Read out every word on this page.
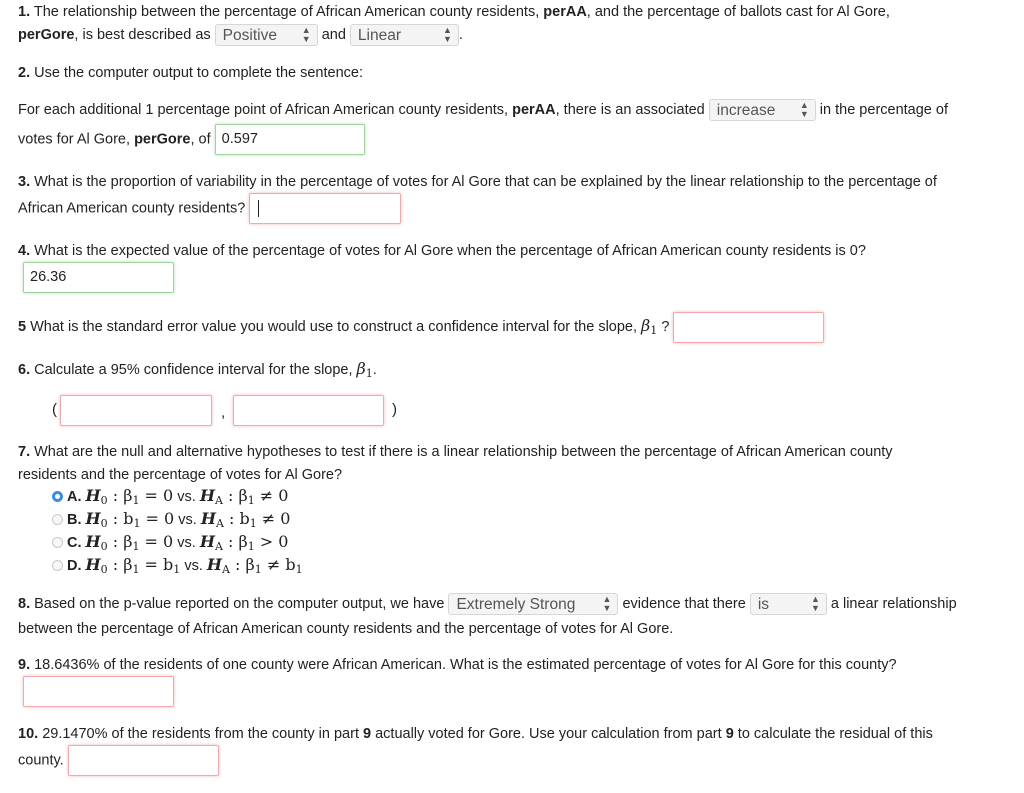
1. The relationship between the percentage of African American county residents, perAA, and the percentage of ballots cast for Al Gore,
perGore, is best described as Positive	▲
▼ and Linear	▲
▼ .
2. Use the computer output to complete the sentence:
For each additional 1 percentage point of African American county residents, perAA, there is an associated increase	▲
▼ in the percentage of
votes for Al Gore, perGore, of 0.597
3. What is the proportion of variability in the percentage of votes for Al Gore that can be explained by the linear relationship to the percentage of
African American county residents?
4. What is the expected value of the percentage of votes for Al Gore when the percentage of African American county residents is 0?
26.36
5 What is the standard error value you would use to construct a confidence interval for the slope, $\beta_1$ ?
6. Calculate a 95% confidence interval for the slope, $\beta_1$.
(	,	)
7. What are the null and alternative hypotheses to test if there is a linear relationship between the percentage of African American county
residents and the percentage of votes for Al Gore?
A. $H_0$ : $\beta_1 = 0$ vs. $H_A$ : $\beta_1 \ne 0$
B. $H_0$ : $b_1 = 0$ vs. $H_A$ : $b_1 \ne 0$
C. $H_0$ : $\beta_1 = 0$ vs. $H_A$ : $\beta_1 > 0$
D. $H_0$ : $\beta_1 = b_1$ vs. $H_A$ : $\beta_1 \ne b_1$
8. Based on the p-value reported on the computer output, we have Extremely Strong	▲
▼ evidence that there is	▲
▼ a linear relationship
between the percentage of African American county residents and the percentage of votes for Al Gore.
9. 18.6436% of the residents of one county were African American. What is the estimated percentage of votes for Al Gore for this county?
10. 29.1470% of the residents from the county in part 9 actually voted for Gore. Use your calculation from part 9 to calculate the residual of this
county.
